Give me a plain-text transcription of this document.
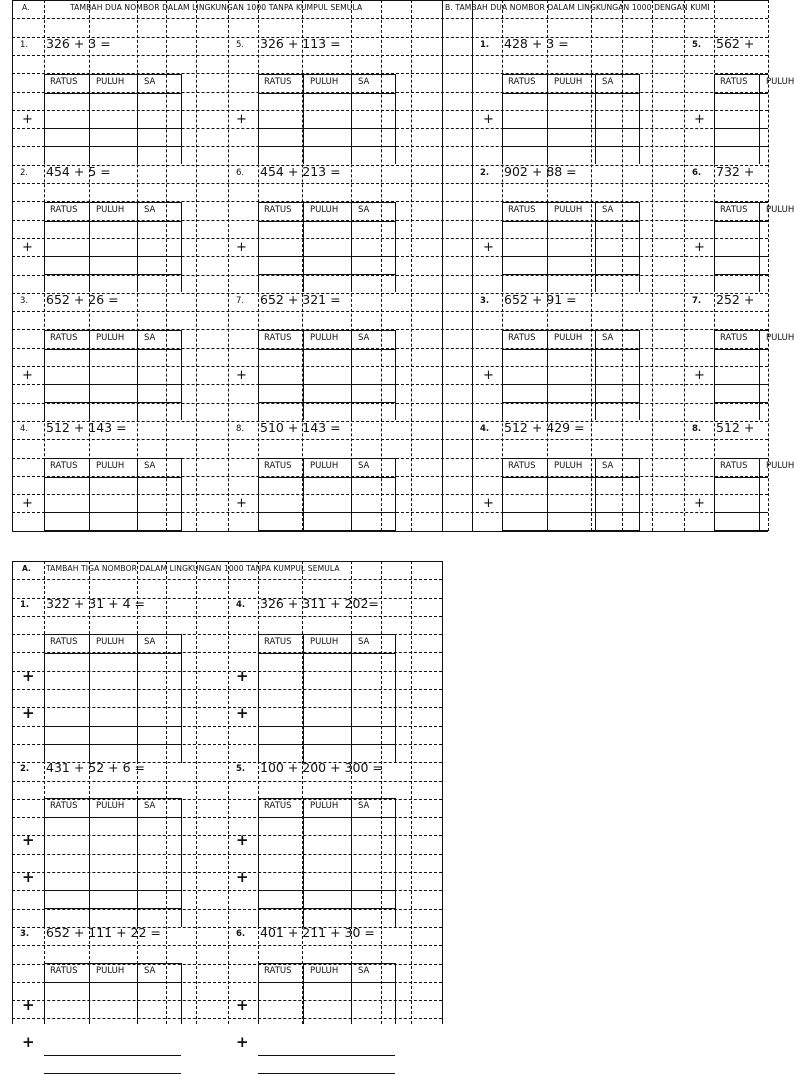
A.	TAMBAH DUA NOMBOR DALAM LINGKUNGAN 1000 TANPA KUMPUL SEMULA	B. TAMBAH DUA NOMBOR DALAM LINGKUNGAN 1000 DENGAN KUMI
1. 326 + 3 =
RATUS PULUH SA
+
2. 454 + 5 =
RATUS PULUH SA
+
3. 652 + 26 =
RATUS PULUH SA
+
4. 512 + 143 =
RATUS PULUH SA
+
5. 326 + 113 =
RATUS PULUH SA
+
6. 454 + 213 =
RATUS PULUH SA
+
7. 652 + 321 =
RATUS PULUH SA
+
8. 510 + 143 =
RATUS PULUH SA
+
1. 428 + 3 =
RATUS PULUH SA
+
2. 902 + 88 =
RATUS PULUH SA
+
3. 652 + 91 =
RATUS PULUH SA
+
4. 512 + 429 =
RATUS PULUH SA
+
5. 562 +
RATUS PULUH
+
6. 732 +
RATUS PULUH
+
7. 252 +
RATUS PULUH
+
8. 512 +
RATUS PULUH
+
A. TAMBAH TIGA NOMBOR DALAM LINGKUNGAN 1000 TANPA KUMPUL SEMULA
1. 322 + 31 + 4 =
RATUS PULUH SA
+
+
2. 431 + 52 + 6 =
RATUS PULUH SA
+
+
3. 652 + 111 + 22 =
RATUS PULUH SA
+
+
4. 326 + 311 + 202=
RATUS PULUH SA
+
+
5. 100 + 200 + 300 =
RATUS PULUH SA
+
+
6. 401 + 211 + 30 =
RATUS PULUH SA
+
+
